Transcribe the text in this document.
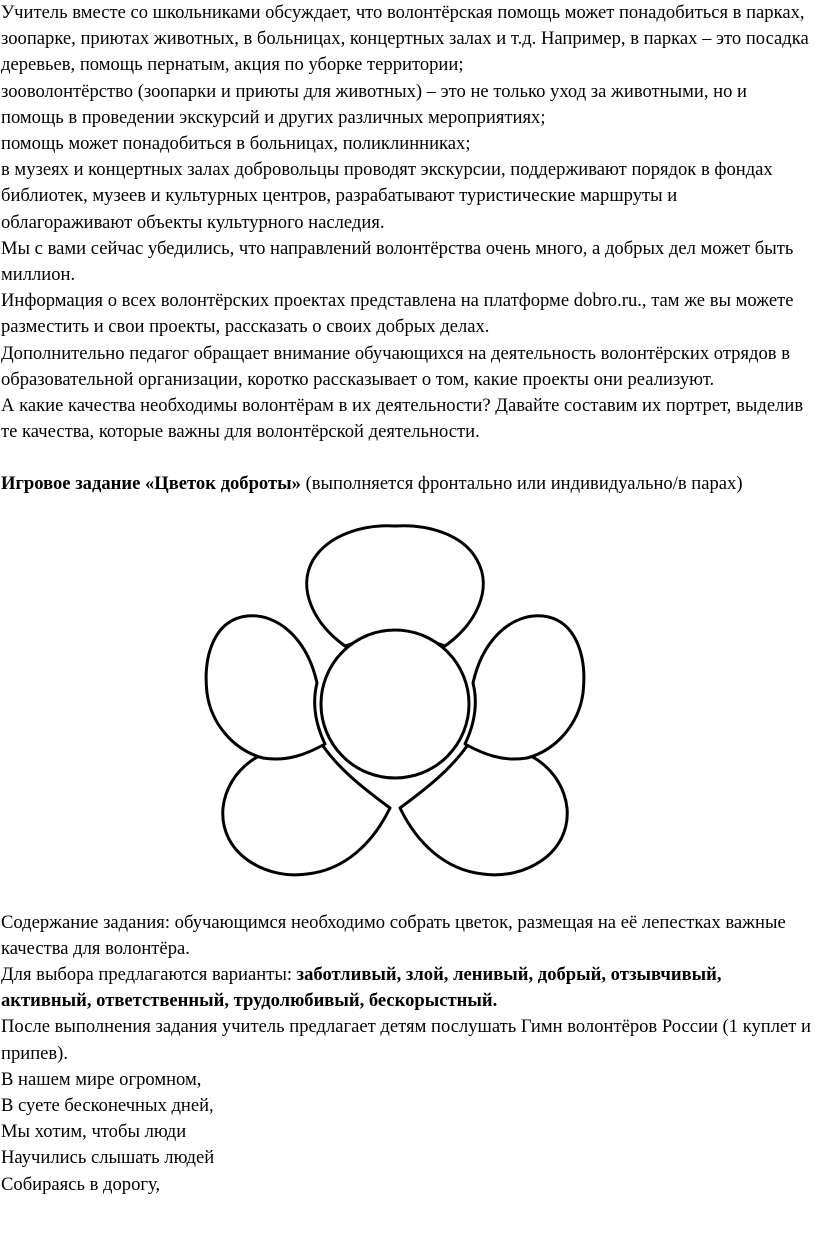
Учитель вместе со школьниками обсуждает, что волонтёрская помощь может понадобиться в парках, зоопарке, приютах животных, в больницах, концертных залах и т.д. Например, в парках – это посадка деревьев, помощь пернатым, акция по уборке территории;

зооволонтёрство (зоопарки и приюты для животных) – это не только уход за животными, но и помощь в проведении экскурсий и других различных мероприятиях;

помощь может понадобиться в больницах, поликлинниках;

в музеях и концертных залах добровольцы проводят экскурсии, поддерживают порядок в фондах библиотек, музеев и культурных центров, разрабатывают туристические маршруты и облагораживают объекты культурного наследия.

Мы с вами сейчас убедились, что направлений волонтёрства очень много, а добрых дел может быть миллион.

Информация о всех волонтёрских проектах представлена на платформе dobro.ru., там же вы можете разместить и свои проекты, рассказать о своих добрых делах.

Дополнительно педагог обращает внимание обучающихся на деятельность волонтёрских отрядов в образовательной организации, коротко рассказывает о том, какие проекты они реализуют.

А какие качества необходимы волонтёрам в их деятельности? Давайте составим их портрет, выделив те качества, которые важны для волонтёрской деятельности.

Игровое задание «Цветок доброты» (выполняется фронтально или индивидуально/в парах)

Содержание задания: обучающимся необходимо собрать цветок, размещая на её лепестках важные качества для волонтёра.

Для выбора предлагаются варианты: заботливый, злой, ленивый, добрый, отзывчивый, активный, ответственный, трудолюбивый, бескорыстный.

После выполнения задания учитель предлагает детям послушать Гимн волонтёров России (1 куплет и припев).

В нашем мире огромном,

В суете бесконечных дней,

Мы хотим, чтобы люди

Научились слышать людей

Собираясь в дорогу,
